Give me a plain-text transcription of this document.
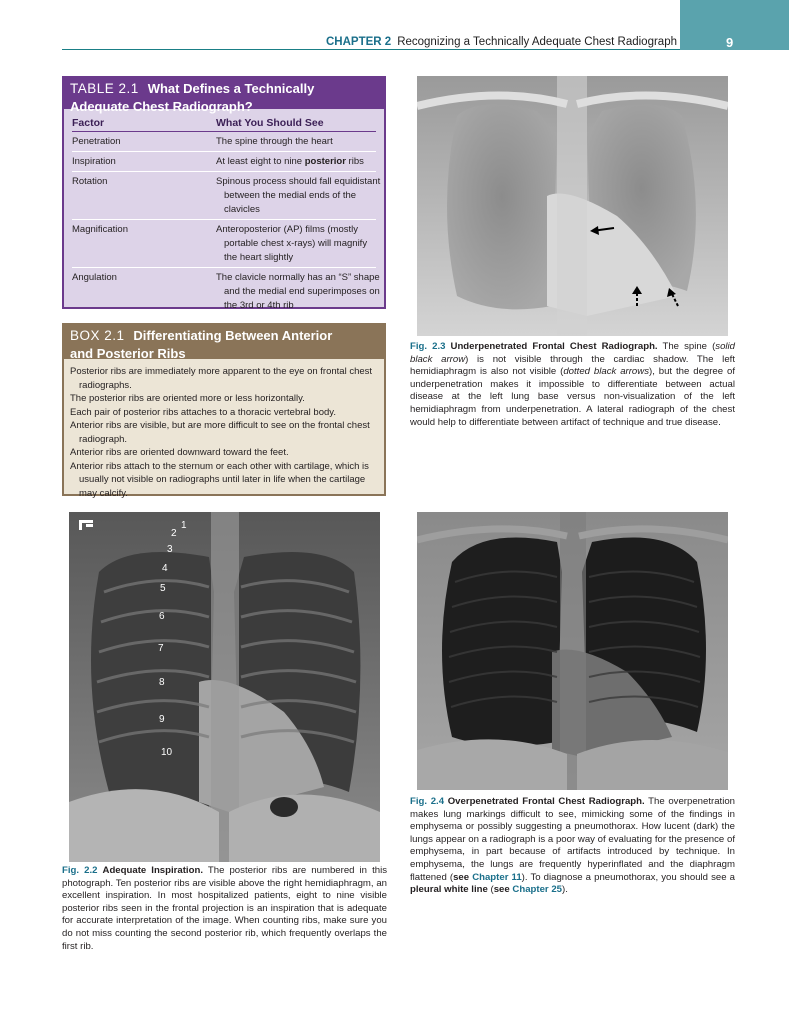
CHAPTER 2 Recognizing a Technically Adequate Chest Radiograph	9
TABLE 2.1 What Defines a Technically
Adequate Chest Radiograph?
Factor	What You Should See
Penetration	The spine through the heart
Inspiration	At least eight to nine posterior ribs
Rotation	Spinous process should fall equidistant between the medial ends of the clavicles
Magnification	Anteroposterior (AP) films (mostly portable chest x-rays) will magnify the heart slightly
Angulation	The clavicle normally has an “S” shape and the medial end superimposes on the 3rd or 4th rib
BOX 2.1 Differentiating Between Anterior
and Posterior Ribs
Posterior ribs are immediately more apparent to the eye on frontal chest radiographs.
The posterior ribs are oriented more or less horizontally.
Each pair of posterior ribs attaches to a thoracic vertebral body.
Anterior ribs are visible, but are more difficult to see on the frontal chest radiograph.
Anterior ribs are oriented downward toward the feet.
Anterior ribs attach to the sternum or each other with cartilage, which is usually not visible on radiographs until later in life when the cartilage may calcify.
Fig. 2.3 Underpenetrated Frontal Chest Radiograph. The spine (solid black arrow) is not visible through the cardiac shadow. The left hemidiaphragm is also not visible (dotted black arrows), but the degree of underpenetration makes it impossible to differentiate between actual disease at the left lung base versus non-visualization of the left hemidiaphragm from underpenetration. A lateral radiograph of the chest would help to differentiate between artifact of technique and true disease.
1
2
3
4
5
6
7
8
9
10
Fig. 2.2 Adequate Inspiration. The posterior ribs are numbered in this photograph. Ten posterior ribs are visible above the right hemidiaphragm, an excellent inspiration. In most hospitalized patients, eight to nine visible posterior ribs seen in the frontal projection is an inspiration that is adequate for accurate interpretation of the image. When counting ribs, make sure you do not miss counting the second posterior rib, which frequently overlaps the first rib.
Fig. 2.4 Overpenetrated Frontal Chest Radiograph. The overpenetration makes lung markings difficult to see, mimicking some of the findings in emphysema or possibly suggesting a pneumothorax. How lucent (dark) the lungs appear on a radiograph is a poor way of evaluating for the presence of emphysema, in part because of artifacts introduced by technique. In emphysema, the lungs are frequently hyperinflated and the diaphragm flattened (see Chapter 11). To diagnose a pneumothorax, you should see a pleural white line (see Chapter 25).
